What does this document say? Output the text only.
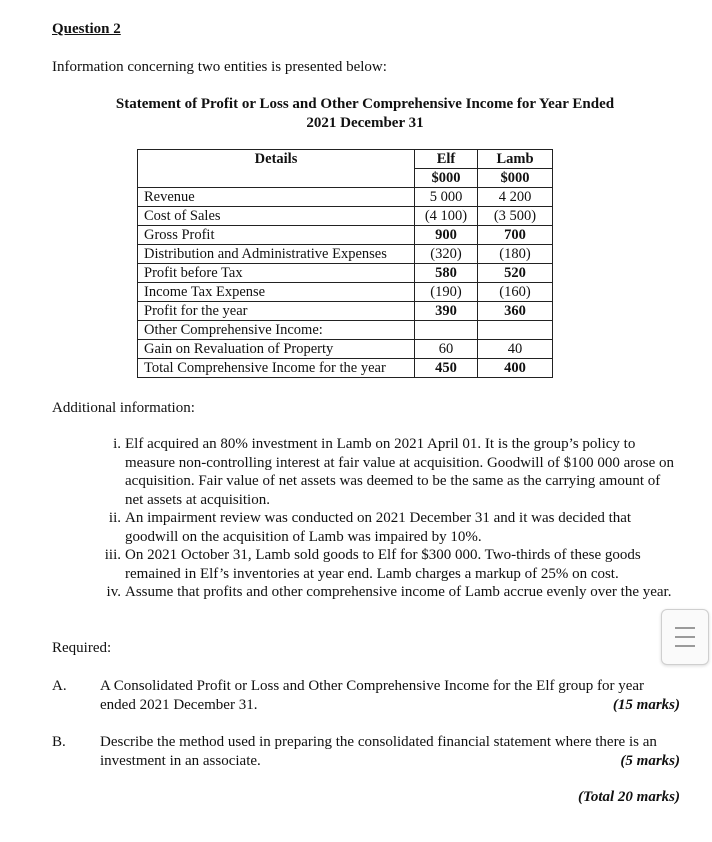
Question 2
Information concerning two entities is presented below:
Statement of Profit or Loss and Other Comprehensive Income for Year Ended
2021 December 31
Details	Elf	Lamb
	$000	$000
Revenue	5 000	4 200
Cost of Sales	(4 100)	(3 500)
Gross Profit	900	700
Distribution and Administrative Expenses	(320)	(180)
Profit before Tax	580	520
Income Tax Expense	(190)	(160)
Profit for the year	390	360
Other Comprehensive Income:		
Gain on Revaluation of Property	60	40
Total Comprehensive Income for the year	450	400
Additional information:
i. Elf acquired an 80% investment in Lamb on 2021 April 01. It is the group’s policy to measure non-controlling interest at fair value at acquisition. Goodwill of $100 000 arose on acquisition. Fair value of net assets was deemed to be the same as the carrying amount of net assets at acquisition.
ii. An impairment review was conducted on 2021 December 31 and it was decided that goodwill on the acquisition of Lamb was impaired by 10%.
iii. On 2021 October 31, Lamb sold goods to Elf for $300 000. Two-thirds of these goods remained in Elf’s inventories at year end. Lamb charges a markup of 25% on cost.
iv. Assume that profits and other comprehensive income of Lamb accrue evenly over the year.
Required:
A. A Consolidated Profit or Loss and Other Comprehensive Income for the Elf group for year ended 2021 December 31.	(15 marks)
B. Describe the method used in preparing the consolidated financial statement where there is an investment in an associate.	(5 marks)
(Total 20 marks)
